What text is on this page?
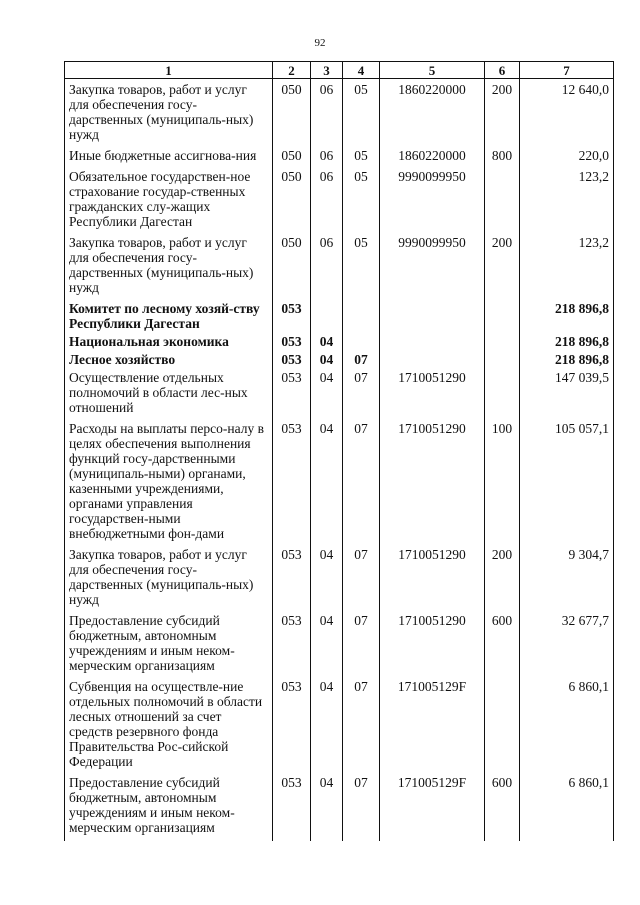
92
1	2	3	4	5	6	7
Закупка товаров, работ и услуг для обеспечения госу-дарственных (муниципаль-ных) нужд	050	06	05	1860220000	200	12 640,0
Иные бюджетные ассигнова-ния	050	06	05	1860220000	800	220,0
Обязательное государствен-ное страхование государ-ственных гражданских слу-жащих Республики Дагестан	050	06	05	9990099950		123,2
Закупка товаров, работ и услуг для обеспечения госу-дарственных (муниципаль-ных) нужд	050	06	05	9990099950	200	123,2
Комитет по лесному хозяй-ству Республики Дагестан	053					218 896,8
Национальная экономика	053	04				218 896,8
Лесное хозяйство	053	04	07			218 896,8
Осуществление отдельных полномочий в области лес-ных отношений	053	04	07	1710051290		147 039,5
Расходы на выплаты персо-налу в целях обеспечения выполнения функций госу-дарственными (муниципаль-ными) органами, казенными учреждениями, органами управления государствен-ными внебюджетными фон-дами	053	04	07	1710051290	100	105 057,1
Закупка товаров, работ и услуг для обеспечения госу-дарственных (муниципаль-ных) нужд	053	04	07	1710051290	200	9 304,7
Предоставление субсидий бюджетным, автономным учреждениям и иным неком-мерческим организациям	053	04	07	1710051290	600	32 677,7
Субвенция на осуществле-ние отдельных полномочий в области лесных отношений за счет средств резервного фонда Правительства Рос-сийской Федерации	053	04	07	171005129F		6 860,1
Предоставление субсидий бюджетным, автономным учреждениям и иным неком-мерческим организациям	053	04	07	171005129F	600	6 860,1
